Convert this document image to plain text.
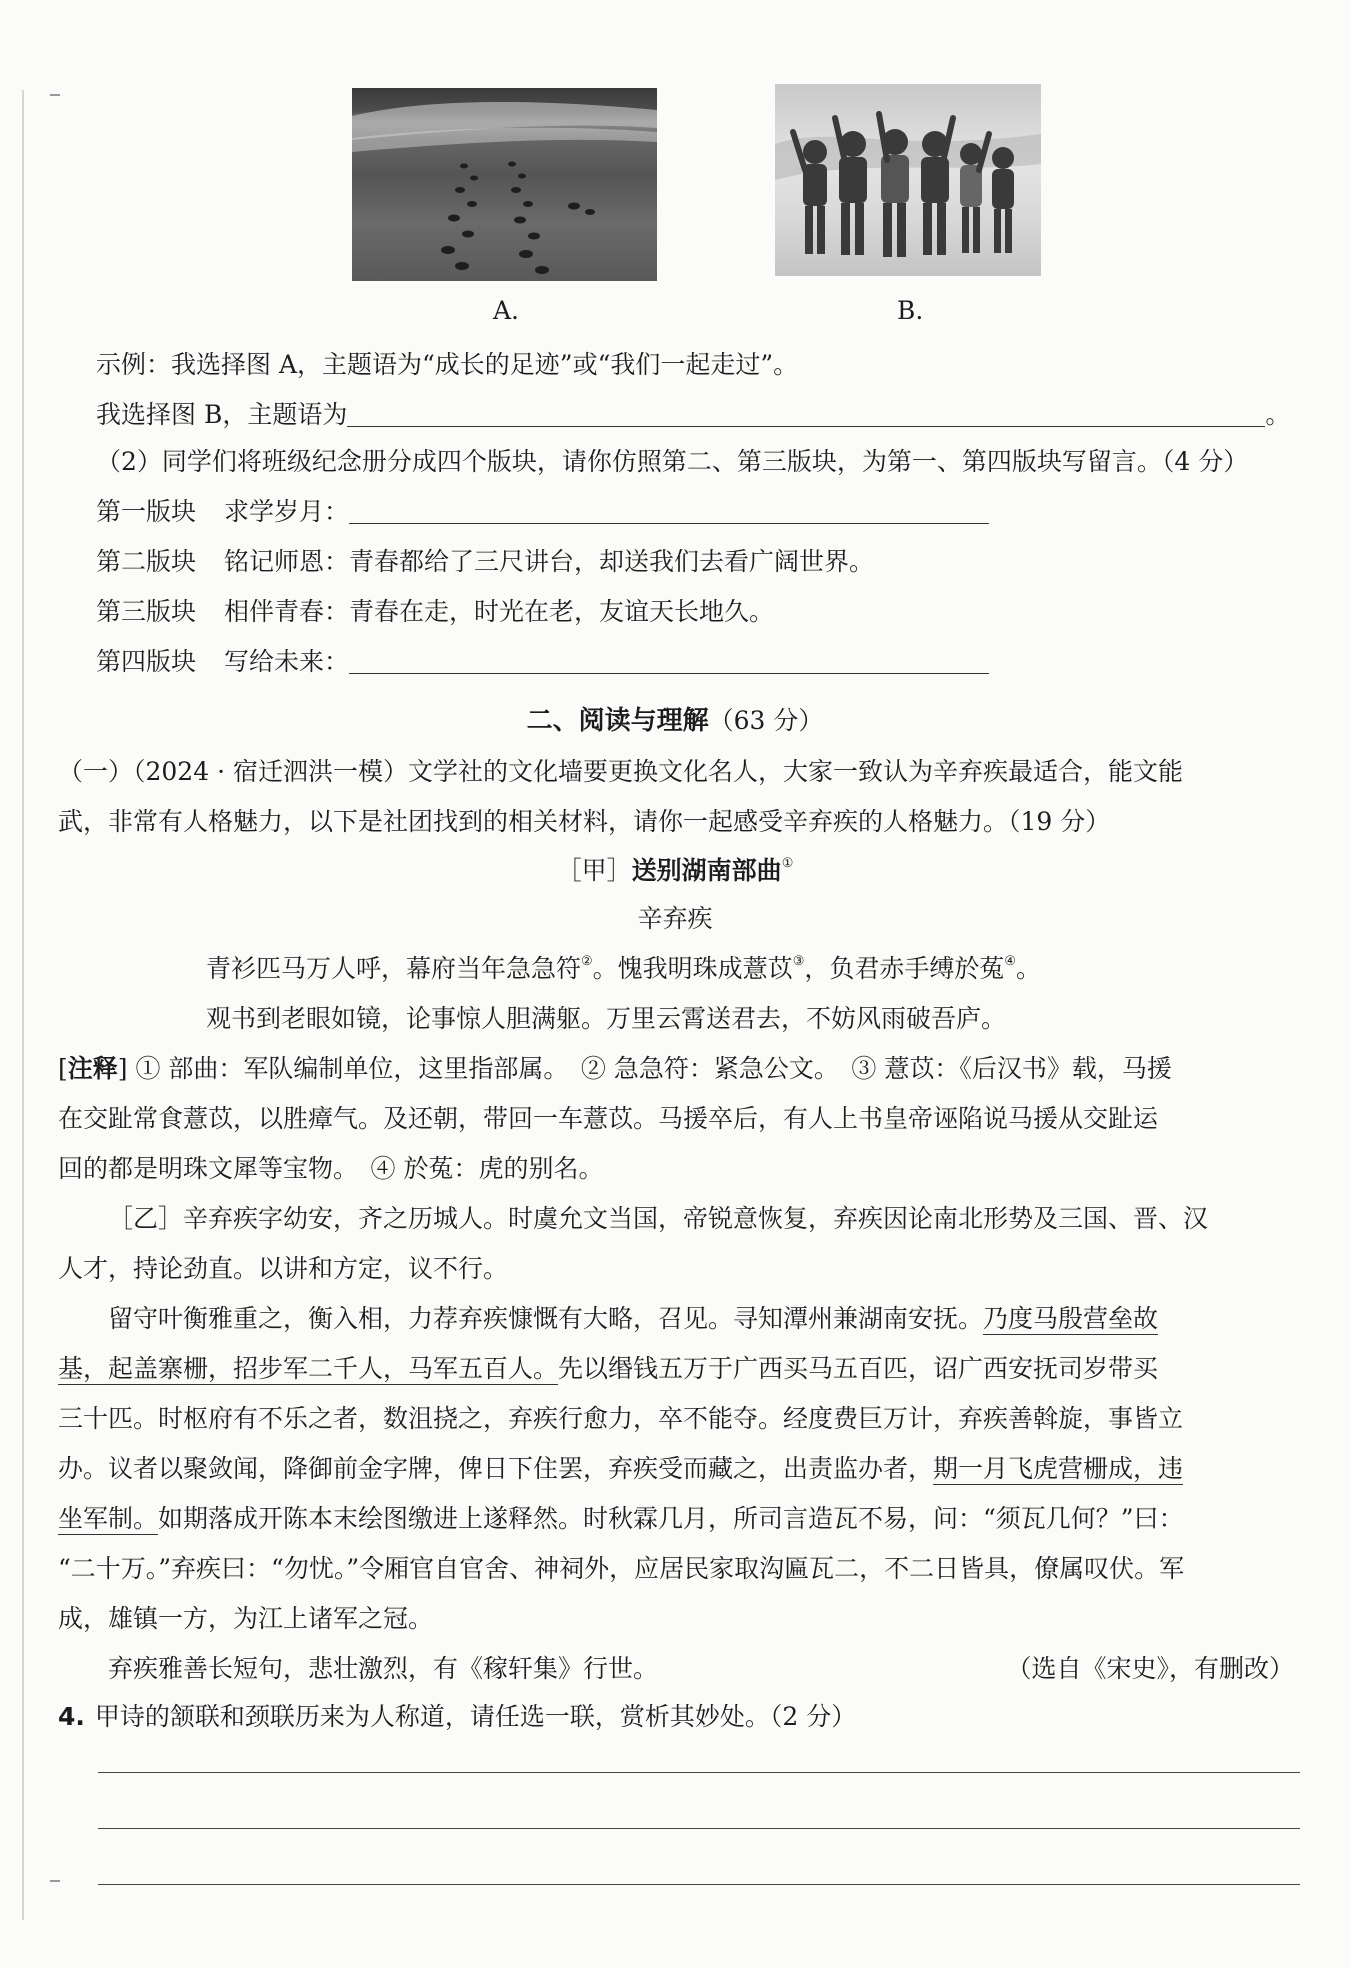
A.	B.
示例：我选择图 A，主题语为“成长的足迹”或“我们一起走过”。
我选择图 B，主题语为	。
（2）同学们将班级纪念册分成四个版块，请你仿照第二、第三版块，为第一、第四版块写留言。（4 分）
第一版块 求学岁月：
第二版块 铭记师恩：青春都给了三尺讲台，却送我们去看广阔世界。
第三版块 相伴青春：青春在走，时光在老，友谊天长地久。
第四版块 写给未来：
二、阅读与理解（63 分）
（一）（2024 · 宿迁泗洪一模）文学社的文化墙要更换文化名人，大家一致认为辛弃疾最适合，能文能
武，非常有人格魅力，以下是社团找到的相关材料，请你一起感受辛弃疾的人格魅力。（19 分）
［甲］送别湖南部曲①
辛弃疾
青衫匹马万人呼，幕府当年急急符②。愧我明珠成薏苡③，负君赤手缚於菟④。
观书到老眼如镜，论事惊人胆满躯。万里云霄送君去，不妨风雨破吾庐。
[注释] ① 部曲：军队编制单位，这里指部属。　② 急急符：紧急公文。　③ 薏苡：《后汉书》载，马援
在交趾常食薏苡，以胜瘴气。及还朝，带回一车薏苡。马援卒后，有人上书皇帝诬陷说马援从交趾运
回的都是明珠文犀等宝物。　④ 於菟：虎的别名。
［乙］辛弃疾字幼安，齐之历城人。时虞允文当国，帝锐意恢复，弃疾因论南北形势及三国、晋、汉
人才，持论劲直。以讲和方定，议不行。
留守叶衡雅重之，衡入相，力荐弃疾慷慨有大略，召见。寻知潭州兼湖南安抚。乃度马殷营垒故
基，起盖寨栅，招步军二千人，马军五百人。先以缗钱五万于广西买马五百匹，诏广西安抚司岁带买
三十匹。时枢府有不乐之者，数沮挠之，弃疾行愈力，卒不能夺。经度费巨万计，弃疾善斡旋，事皆立
办。议者以聚敛闻，降御前金字牌，俾日下住罢，弃疾受而藏之，出责监办者，期一月飞虎营栅成，违
坐军制。如期落成开陈本末绘图缴进上遂释然。时秋霖几月，所司言造瓦不易，问：“须瓦几何？”曰：
“二十万。”弃疾曰：“勿忧。”令厢官自官舍、神祠外，应居民家取沟匾瓦二，不二日皆具，僚属叹伏。军
成，雄镇一方，为江上诸军之冠。
弃疾雅善长短句，悲壮激烈，有《稼轩集》行世。	（选自《宋史》，有删改）
4. 甲诗的颔联和颈联历来为人称道，请任选一联，赏析其妙处。（2 分）
